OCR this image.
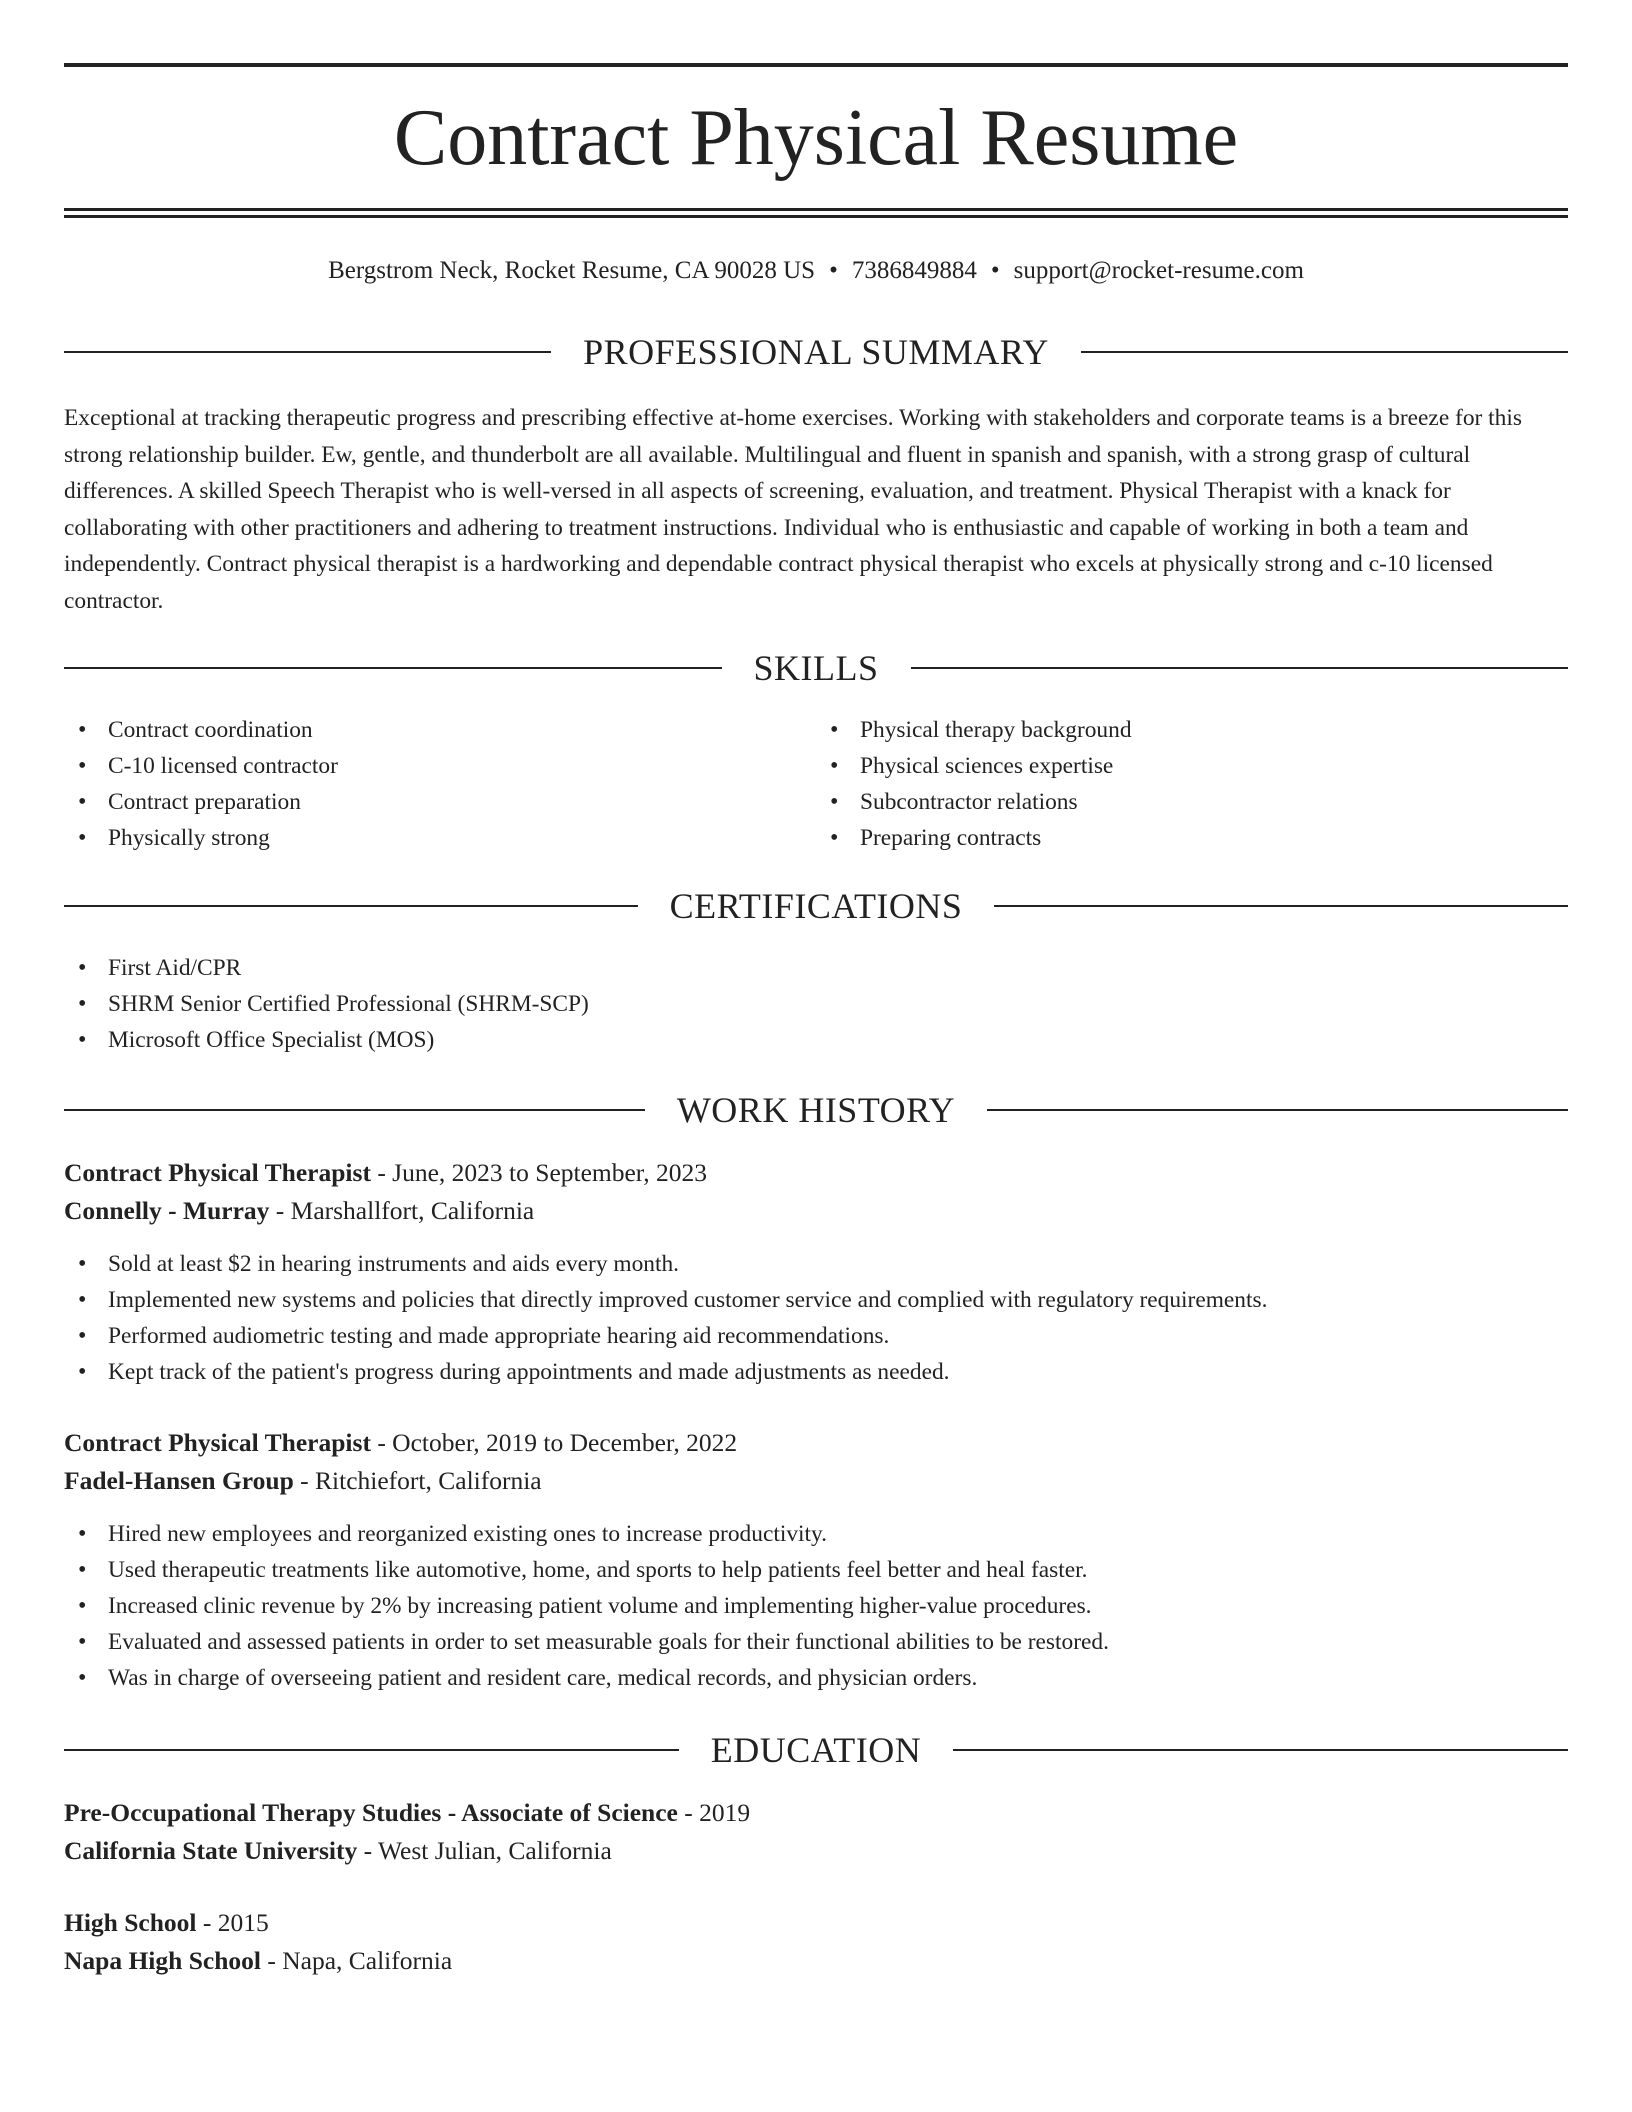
Contract Physical Resume
Bergstrom Neck, Rocket Resume, CA 90028 US • 7386849884 • support@rocket-resume.com
PROFESSIONAL SUMMARY

Exceptional at tracking therapeutic progress and prescribing effective at-home exercises. Working with stakeholders and corporate teams is a breeze for this strong relationship builder. Ew, gentle, and thunderbolt are all available. Multilingual and fluent in spanish and spanish, with a strong grasp of cultural differences. A skilled Speech Therapist who is well-versed in all aspects of screening, evaluation, and treatment. Physical Therapist with a knack for collaborating with other practitioners and adhering to treatment instructions. Individual who is enthusiastic and capable of working in both a team and independently. Contract physical therapist is a hardworking and dependable contract physical therapist who excels at physically strong and c-10 licensed contractor.

SKILLS
• Contract coordination
• C-10 licensed contractor
• Contract preparation
• Physically strong
• Physical therapy background
• Physical sciences expertise
• Subcontractor relations
• Preparing contracts
CERTIFICATIONS
• First Aid/CPR
• SHRM Senior Certified Professional (SHRM-SCP)
• Microsoft Office Specialist (MOS)
WORK HISTORY
Contract Physical Therapist - June, 2023 to September, 2023
Connelly - Murray - Marshallfort, California
• Sold at least $2 in hearing instruments and aids every month.
• Implemented new systems and policies that directly improved customer service and complied with regulatory requirements.
• Performed audiometric testing and made appropriate hearing aid recommendations.
• Kept track of the patient's progress during appointments and made adjustments as needed.
Contract Physical Therapist - October, 2019 to December, 2022
Fadel-Hansen Group - Ritchiefort, California
• Hired new employees and reorganized existing ones to increase productivity.
• Used therapeutic treatments like automotive, home, and sports to help patients feel better and heal faster.
• Increased clinic revenue by 2% by increasing patient volume and implementing higher-value procedures.
• Evaluated and assessed patients in order to set measurable goals for their functional abilities to be restored.
• Was in charge of overseeing patient and resident care, medical records, and physician orders.
EDUCATION
Pre-Occupational Therapy Studies - Associate of Science - 2019
California State University - West Julian, California
High School - 2015
Napa High School - Napa, California
